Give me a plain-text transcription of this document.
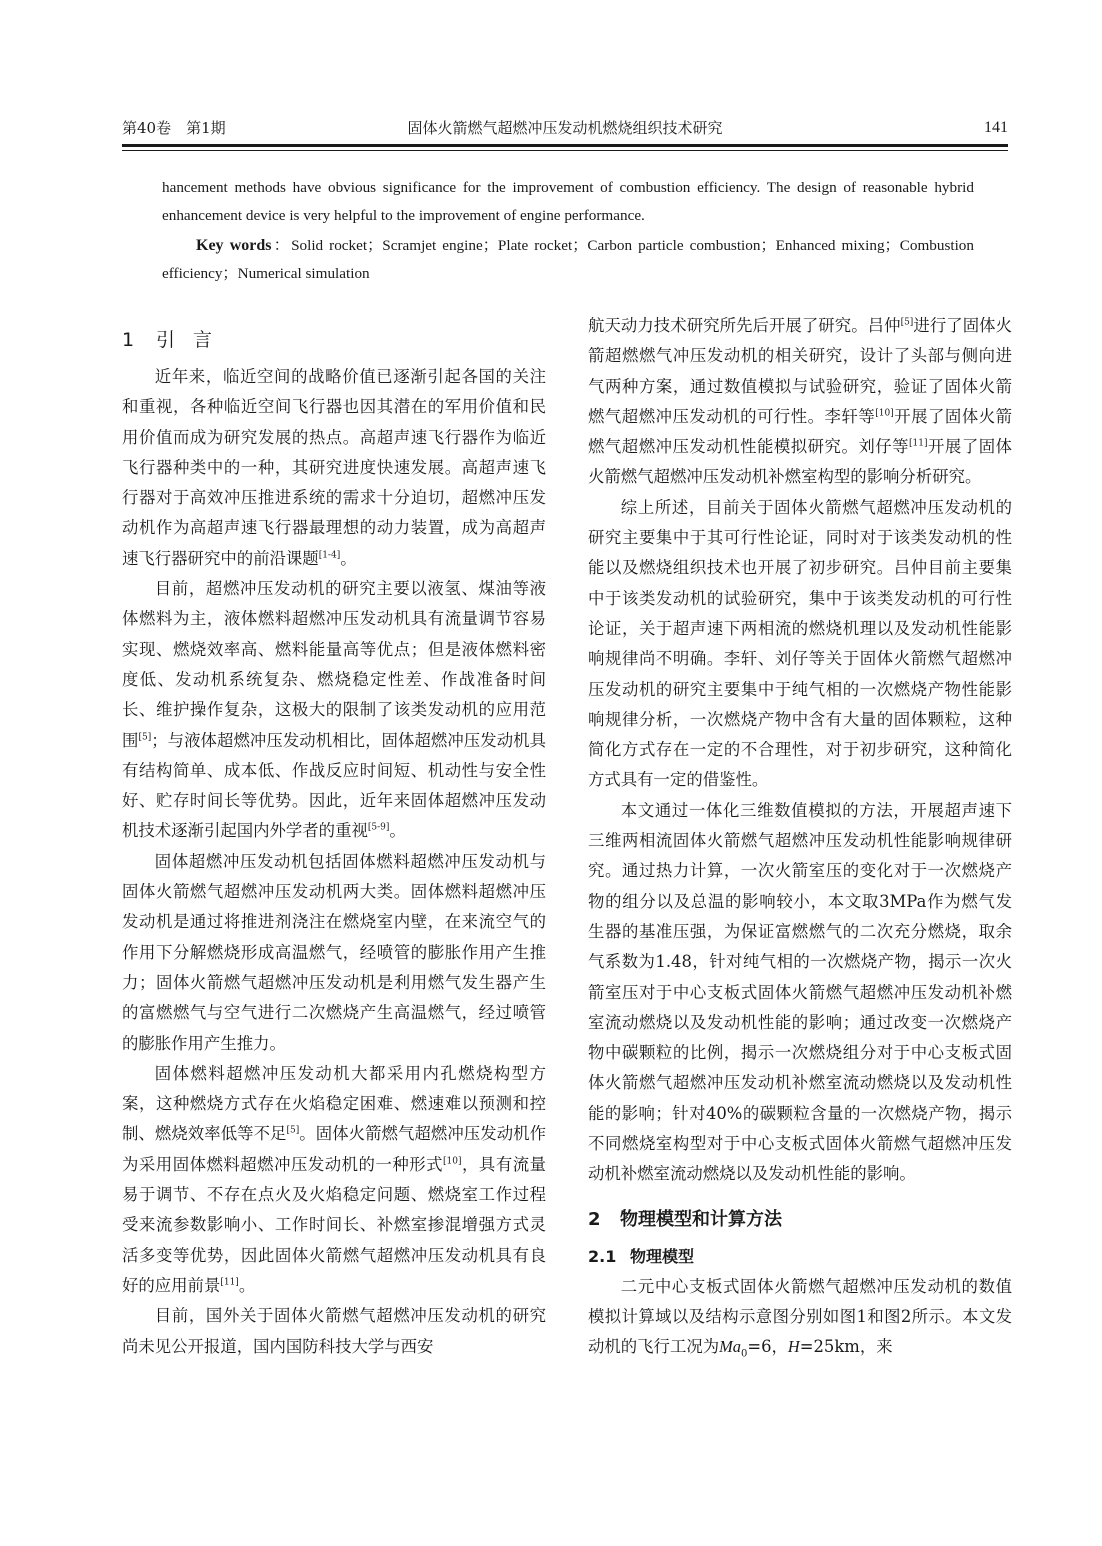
第40卷　第1期	固体火箭燃气超燃冲压发动机燃烧组织技术研究	141

hancement methods have obvious significance for the improvement of combustion efficiency. The design of reasonable hybrid enhancement device is very helpful to the improvement of engine performance.

Key words：Solid rocket；Scramjet engine；Plate rocket；Carbon particle combustion；Enhanced mixing；Combustion efficiency；Numerical simulation

1 引言

近年来，临近空间的战略价值已逐渐引起各国的关注和重视，各种临近空间飞行器也因其潜在的军用价值和民用价值而成为研究发展的热点。高超声速飞行器作为临近飞行器种类中的一种，其研究进度快速发展。高超声速飞行器对于高效冲压推进系统的需求十分迫切，超燃冲压发动机作为高超声速飞行器最理想的动力装置，成为高超声速飞行器研究中的前沿课题[1-4]。

目前，超燃冲压发动机的研究主要以液氢、煤油等液体燃料为主，液体燃料超燃冲压发动机具有流量调节容易实现、燃烧效率高、燃料能量高等优点；但是液体燃料密度低、发动机系统复杂、燃烧稳定性差、作战准备时间长、维护操作复杂，这极大的限制了该类发动机的应用范围[5]；与液体超燃冲压发动机相比，固体超燃冲压发动机具有结构简单、成本低、作战反应时间短、机动性与安全性好、贮存时间长等优势。因此，近年来固体超燃冲压发动机技术逐渐引起国内外学者的重视[5-9]。

固体超燃冲压发动机包括固体燃料超燃冲压发动机与固体火箭燃气超燃冲压发动机两大类。固体燃料超燃冲压发动机是通过将推进剂浇注在燃烧室内壁，在来流空气的作用下分解燃烧形成高温燃气，经喷管的膨胀作用产生推力；固体火箭燃气超燃冲压发动机是利用燃气发生器产生的富燃燃气与空气进行二次燃烧产生高温燃气，经过喷管的膨胀作用产生推力。

固体燃料超燃冲压发动机大都采用内孔燃烧构型方案，这种燃烧方式存在火焰稳定困难、燃速难以预测和控制、燃烧效率低等不足[5]。固体火箭燃气超燃冲压发动机作为采用固体燃料超燃冲压发动机的一种形式[10]，具有流量易于调节、不存在点火及火焰稳定问题、燃烧室工作过程受来流参数影响小、工作时间长、补燃室掺混增强方式灵活多变等优势，因此固体火箭燃气超燃冲压发动机具有良好的应用前景[11]。

目前，国外关于固体火箭燃气超燃冲压发动机的研究尚未见公开报道，国内国防科技大学与西安

航天动力技术研究所先后开展了研究。吕仲[5]进行了固体火箭超燃燃气冲压发动机的相关研究，设计了头部与侧向进气两种方案，通过数值模拟与试验研究，验证了固体火箭燃气超燃冲压发动机的可行性。李轩等[10]开展了固体火箭燃气超燃冲压发动机性能模拟研究。刘仔等[11]开展了固体火箭燃气超燃冲压发动机补燃室构型的影响分析研究。

综上所述，目前关于固体火箭燃气超燃冲压发动机的研究主要集中于其可行性论证，同时对于该类发动机的性能以及燃烧组织技术也开展了初步研究。吕仲目前主要集中于该类发动机的试验研究，集中于该类发动机的可行性论证，关于超声速下两相流的燃烧机理以及发动机性能影响规律尚不明确。李轩、刘仔等关于固体火箭燃气超燃冲压发动机的研究主要集中于纯气相的一次燃烧产物性能影响规律分析，一次燃烧产物中含有大量的固体颗粒，这种简化方式存在一定的不合理性，对于初步研究，这种简化方式具有一定的借鉴性。

本文通过一体化三维数值模拟的方法，开展超声速下三维两相流固体火箭燃气超燃冲压发动机性能影响规律研究。通过热力计算，一次火箭室压的变化对于一次燃烧产物的组分以及总温的影响较小，本文取3MPa作为燃气发生器的基准压强，为保证富燃燃气的二次充分燃烧，取余气系数为1.48，针对纯气相的一次燃烧产物，揭示一次火箭室压对于中心支板式固体火箭燃气超燃冲压发动机补燃室流动燃烧以及发动机性能的影响；通过改变一次燃烧产物中碳颗粒的比例，揭示一次燃烧组分对于中心支板式固体火箭燃气超燃冲压发动机补燃室流动燃烧以及发动机性能的影响；针对40%的碳颗粒含量的一次燃烧产物，揭示不同燃烧室构型对于中心支板式固体火箭燃气超燃冲压发动机补燃室流动燃烧以及发动机性能的影响。

2 物理模型和计算方法
2.1 物理模型

二元中心支板式固体火箭燃气超燃冲压发动机的数值模拟计算域以及结构示意图分别如图1和图2所示。本文发动机的飞行工况为$Ma_0=6$，H=25km，来
